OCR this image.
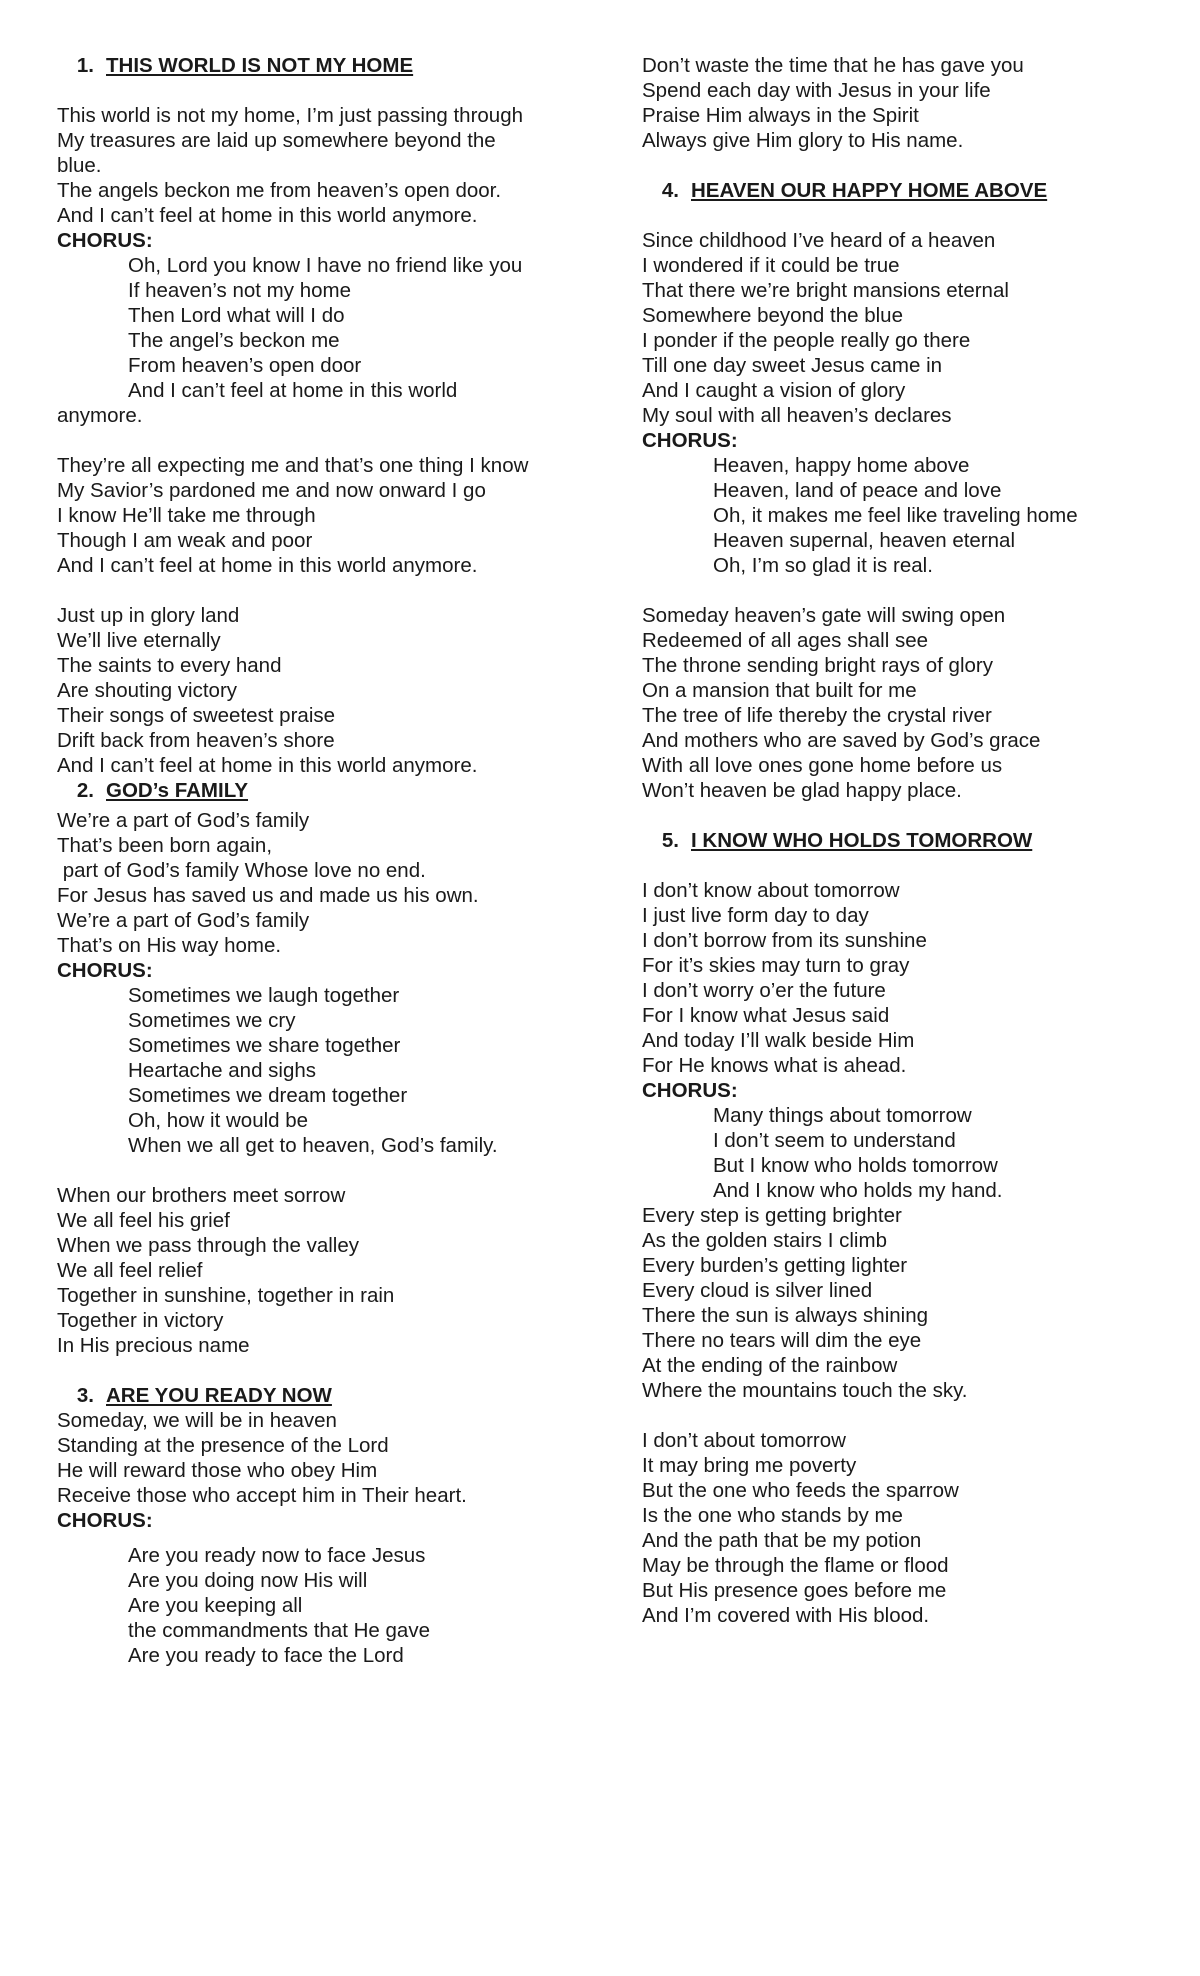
1. THIS WORLD IS NOT MY HOME
This world is not my home, I’m just passing through
My treasures are laid up somewhere beyond the
blue.
The angels beckon me from heaven’s open door.
And I can’t feel at home in this world anymore.
CHORUS:
Oh, Lord you know I have no friend like you
If heaven’s not my home
Then Lord what will I do
The angel’s beckon me
From heaven’s open door
And I can’t feel at home in this world
anymore.
They’re all expecting me and that’s one thing I know
My Savior’s pardoned me and now onward I go
I know He’ll take me through
Though I am weak and poor
And I can’t feel at home in this world anymore.
Just up in glory land
We’ll live eternally
The saints to every hand
Are shouting victory
Their songs of sweetest praise
Drift back from heaven’s shore
And I can’t feel at home in this world anymore.
2. GOD’s FAMILY
We’re a part of God’s family
That’s been born again,
part of God’s family Whose love no end.
For Jesus has saved us and made us his own.
We’re a part of God’s family
That’s on His way home.
CHORUS:
Sometimes we laugh together
Sometimes we cry
Sometimes we share together
Heartache and sighs
Sometimes we dream together
Oh, how it would be
When we all get to heaven, God’s family.
When our brothers meet sorrow
We all feel his grief
When we pass through the valley
We all feel relief
Together in sunshine, together in rain
Together in victory
In His precious name
3. ARE YOU READY NOW
Someday, we will be in heaven
Standing at the presence of the Lord
He will reward those who obey Him
Receive those who accept him in Their heart.
CHORUS:
Are you ready now to face Jesus
Are you doing now His will
Are you keeping all
the commandments that He gave
Are you ready to face the Lord
Don’t waste the time that he has gave you
Spend each day with Jesus in your life
Praise Him always in the Spirit
Always give Him glory to His name.
4. HEAVEN OUR HAPPY HOME ABOVE
Since childhood I’ve heard of a heaven
I wondered if it could be true
That there we’re bright mansions eternal
Somewhere beyond the blue
I ponder if the people really go there
Till one day sweet Jesus came in
And I caught a vision of glory
My soul with all heaven’s declares
CHORUS:
Heaven, happy home above
Heaven, land of peace and love
Oh, it makes me feel like traveling home
Heaven supernal, heaven eternal
Oh, I’m so glad it is real.
Someday heaven’s gate will swing open
Redeemed of all ages shall see
The throne sending bright rays of glory
On a mansion that built for me
The tree of life thereby the crystal river
And mothers who are saved by God’s grace
With all love ones gone home before us
Won’t heaven be glad happy place.
5. I KNOW WHO HOLDS TOMORROW
I don’t know about tomorrow
I just live form day to day
I don’t borrow from its sunshine
For it’s skies may turn to gray
I don’t worry o’er the future
For I know what Jesus said
And today I’ll walk beside Him
For He knows what is ahead.
CHORUS:
Many things about tomorrow
I don’t seem to understand
But I know who holds tomorrow
And I know who holds my hand.
Every step is getting brighter
As the golden stairs I climb
Every burden’s getting lighter
Every cloud is silver lined
There the sun is always shining
There no tears will dim the eye
At the ending of the rainbow
Where the mountains touch the sky.
I don’t about tomorrow
It may bring me poverty
But the one who feeds the sparrow
Is the one who stands by me
And the path that be my potion
May be through the flame or flood
But His presence goes before me
And I’m covered with His blood.
